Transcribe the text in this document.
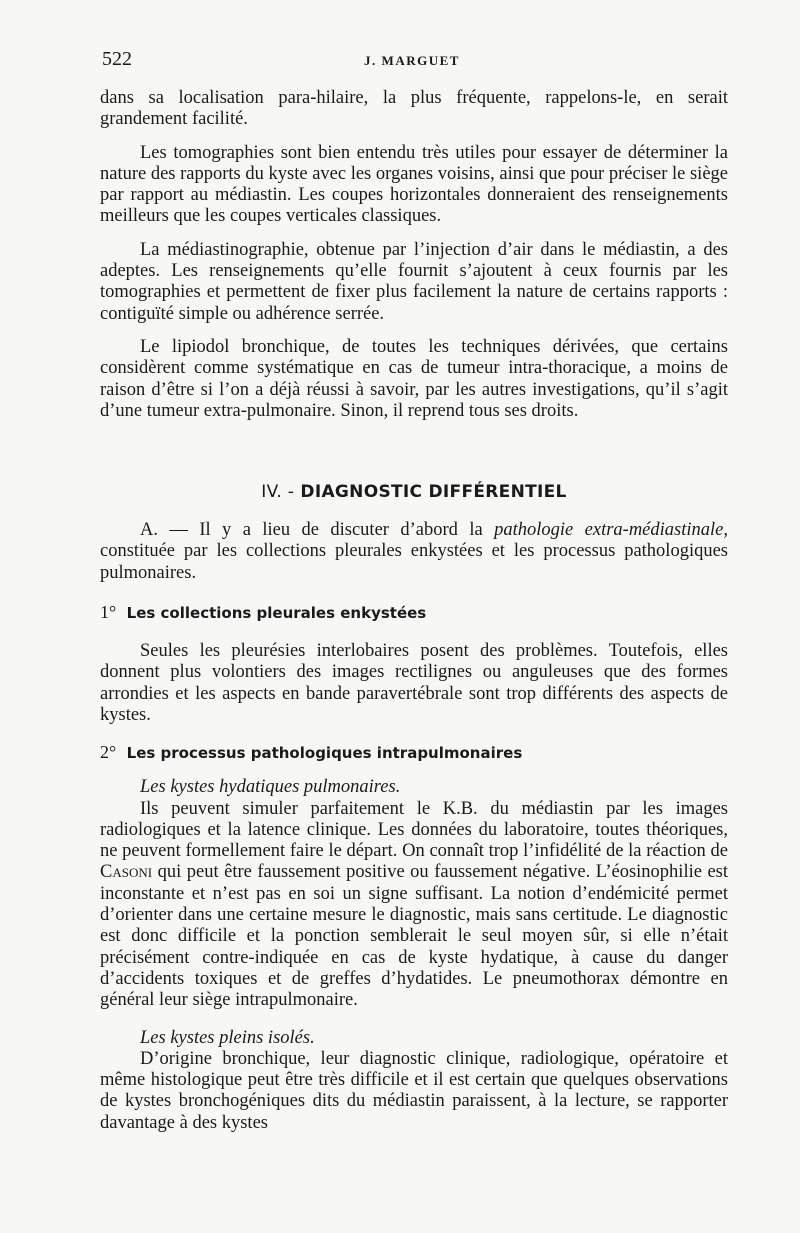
522	J. MARGUET

dans sa localisation para-hilaire, la plus fréquente, rappelons-le, en serait grandement facilité.

Les tomographies sont bien entendu très utiles pour essayer de déterminer la nature des rapports du kyste avec les organes voisins, ainsi que pour préciser le siège par rapport au médiastin. Les coupes horizontales donneraient des renseignements meilleurs que les coupes verticales classiques.

La médiastinographie, obtenue par l’injection d’air dans le médiastin, a des adeptes. Les renseignements qu’elle fournit s’ajoutent à ceux fournis par les tomographies et permettent de fixer plus facilement la nature de certains rapports : contiguïté simple ou adhérence serrée.

Le lipiodol bronchique, de toutes les techniques dérivées, que certains considèrent comme systématique en cas de tumeur intra-thoracique, a moins de raison d’être si l’on a déjà réussi à savoir, par les autres investigations, qu’il s’agit d’une tumeur extra-pulmonaire. Sinon, il reprend tous ses droits.

IV. - DIAGNOSTIC DIFFÉRENTIEL

A. — Il y a lieu de discuter d’abord la pathologie extra-médiastinale, constituée par les collections pleurales enkystées et les processus pathologiques pulmonaires.

1° Les collections pleurales enkystées

Seules les pleurésies interlobaires posent des problèmes. Toutefois, elles donnent plus volontiers des images rectilignes ou anguleuses que des formes arrondies et les aspects en bande paravertébrale sont trop différents des aspects de kystes.

2° Les processus pathologiques intrapulmonaires
Les kystes hydatiques pulmonaires.

Ils peuvent simuler parfaitement le K.B. du médiastin par les images radiologiques et la latence clinique. Les données du laboratoire, toutes théoriques, ne peuvent formellement faire le départ. On connaît trop l’infidélité de la réaction de Casoni qui peut être faussement positive ou faussement négative. L’éosinophilie est inconstante et n’est pas en soi un signe suffisant. La notion d’endémicité permet d’orienter dans une certaine mesure le diagnostic, mais sans certitude. Le diagnostic est donc difficile et la ponction semblerait le seul moyen sûr, si elle n’était précisément contre-indiquée en cas de kyste hydatique, à cause du danger d’accidents toxiques et de greffes d’hydatides. Le pneumothorax démontre en général leur siège intrapulmonaire.

Les kystes pleins isolés.

D’origine bronchique, leur diagnostic clinique, radiologique, opératoire et même histologique peut être très difficile et il est certain que quelques observations de kystes bronchogéniques dits du médiastin paraissent, à la lecture, se rapporter davantage à des kystes
